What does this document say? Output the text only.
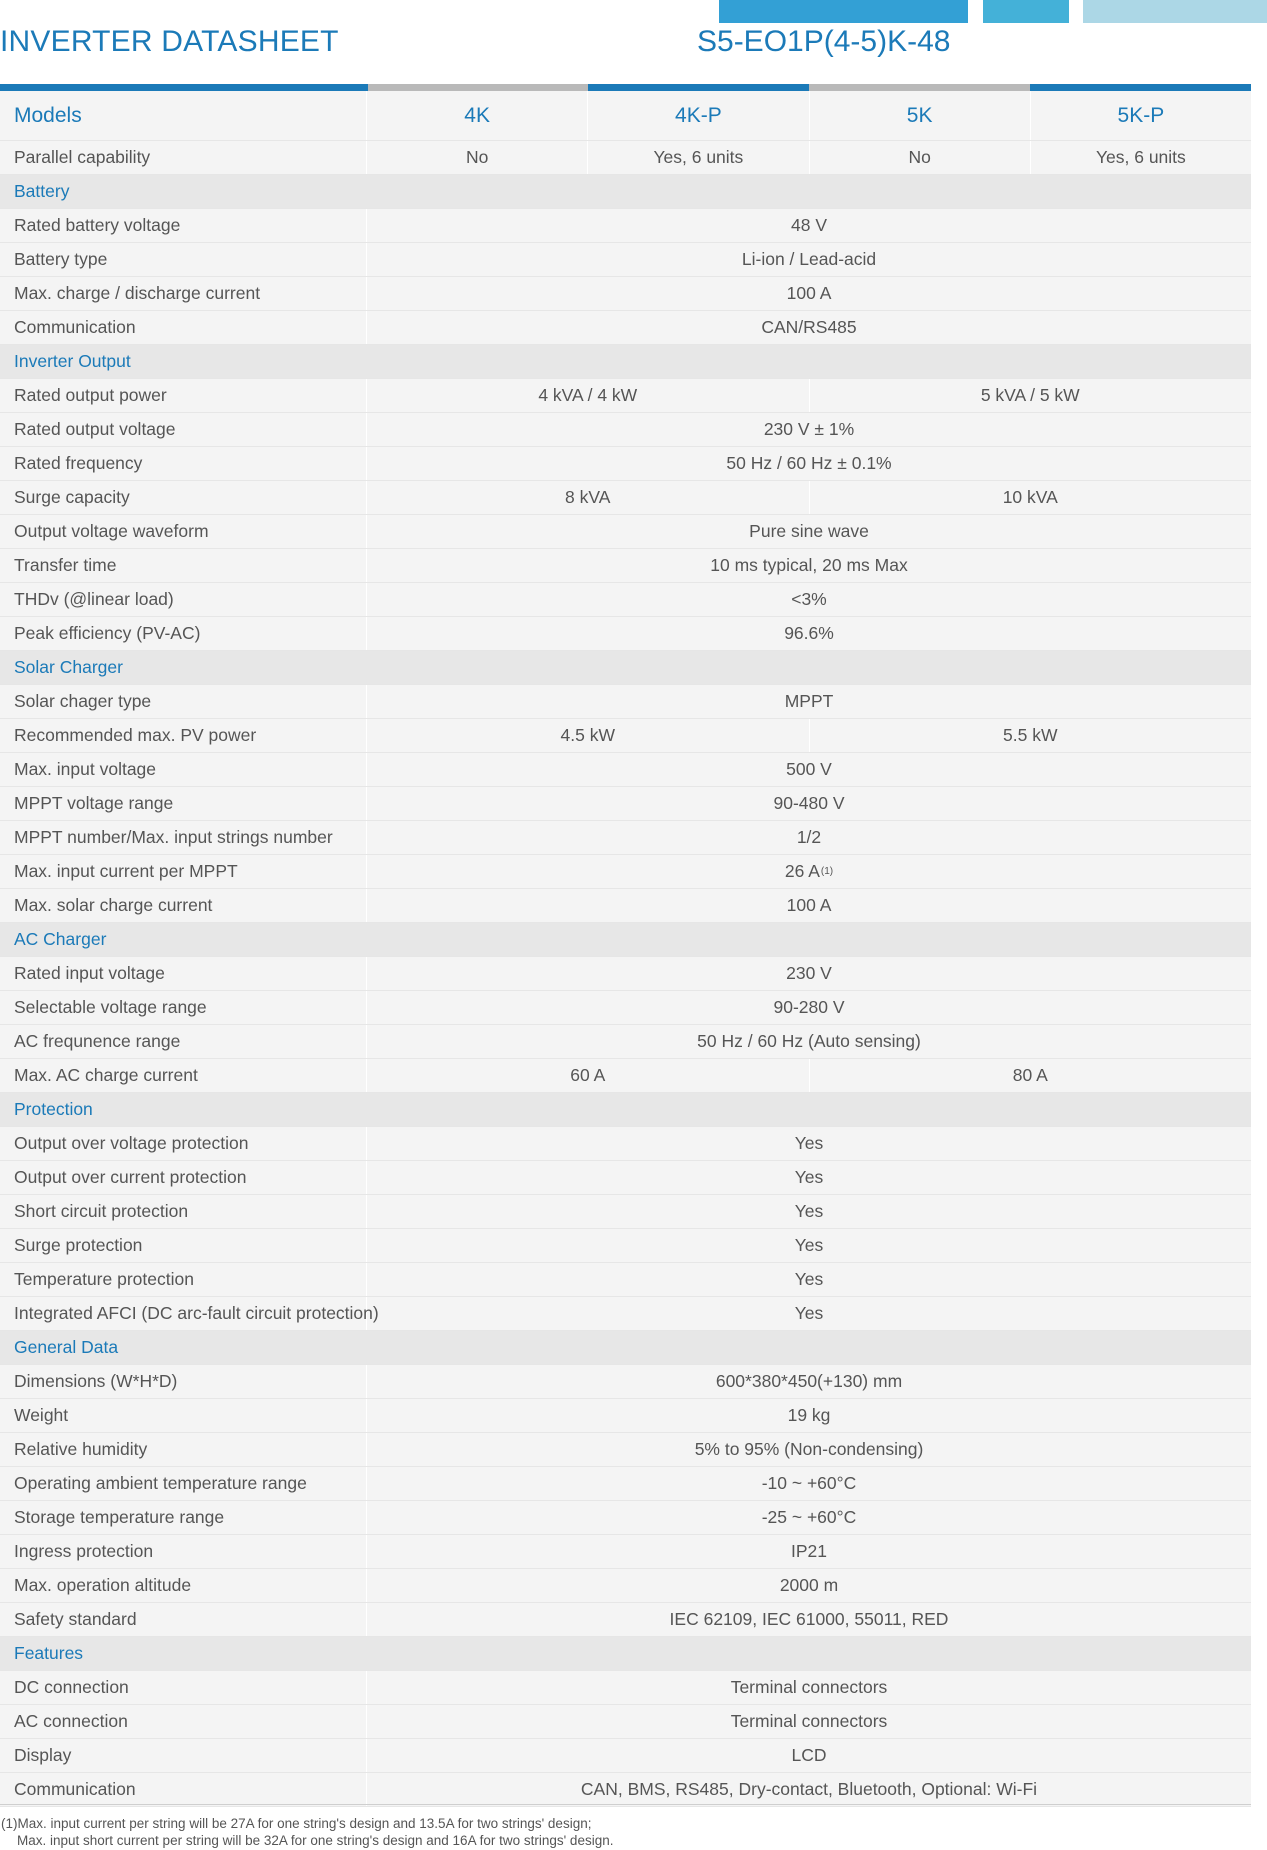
INVERTER DATASHEET	S5-EO1P(4-5)K-48
Models	4K	4K-P	5K	5K-P
Parallel capability	No	Yes, 6 units	No	Yes, 6 units
Battery
Rated battery voltage	48 V
Battery type	Li-ion / Lead-acid
Max. charge / discharge current	100 A
Communication	CAN/RS485
Inverter Output
Rated output power	4 kVA / 4 kW	5 kVA / 5 kW
Rated output voltage	230 V ± 1%
Rated frequency	50 Hz / 60 Hz ± 0.1%
Surge capacity	8 kVA	10 kVA
Output voltage waveform	Pure sine wave
Transfer time	10 ms typical, 20 ms Max
THDv (@linear load)	<3%
Peak efficiency (PV-AC)	96.6%
Solar Charger
Solar chager type	MPPT
Recommended max. PV power	4.5 kW	5.5 kW
Max. input voltage	500 V
MPPT voltage range	90-480 V
MPPT number/Max. input strings number	1/2
Max. input current per MPPT	26 A (1)
Max. solar charge current	100 A
AC Charger
Rated input voltage	230 V
Selectable voltage range	90-280 V
AC frequnence range	50 Hz / 60 Hz (Auto sensing)
Max. AC charge current	60 A	80 A
Protection
Output over voltage protection	Yes
Output over current protection	Yes
Short circuit protection	Yes
Surge protection	Yes
Temperature protection	Yes
Integrated AFCI (DC arc-fault circuit protection)	Yes
General Data
Dimensions (W*H*D)	600*380*450(+130) mm
Weight	19 kg
Relative humidity	5% to 95% (Non-condensing)
Operating ambient temperature range	-10 ~ +60°C
Storage temperature range	-25 ~ +60°C
Ingress protection	IP21
Max. operation altitude	2000 m
Safety standard	IEC 62109, IEC 61000, 55011, RED
Features
DC connection	Terminal connectors
AC connection	Terminal connectors
Display	LCD
Communication	CAN, BMS, RS485, Dry-contact, Bluetooth, Optional: Wi-Fi
(1)Max. input current per string will be 27A for one string's design and 13.5A for two strings' design;
Max. input short current per string will be 32A for one string's design and 16A for two strings' design.
